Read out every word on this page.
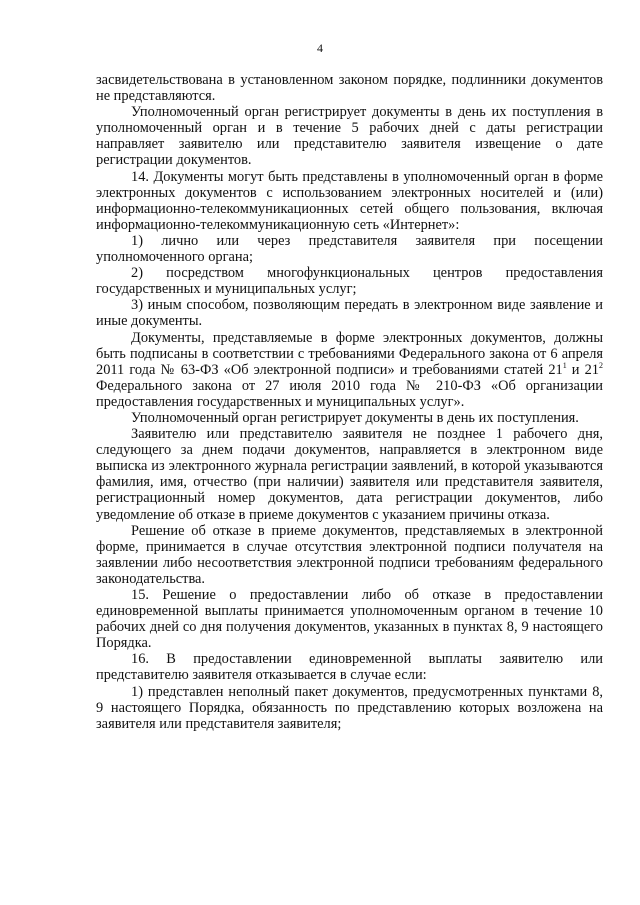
4

засвидетельствована в установленном законом порядке, подлинники документов не представляются.

Уполномоченный орган регистрирует документы в день их поступления в уполномоченный орган и в течение 5 рабочих дней с даты регистрации направляет заявителю или представителю заявителя извещение о дате регистрации документов.

14. Документы могут быть представлены в уполномоченный орган в форме электронных документов с использованием электронных носителей и (или) информационно-телекоммуникационных сетей общего пользования, включая информационно-телекоммуникационную сеть «Интернет»:

1) лично или через представителя заявителя при посещении уполномоченного органа;

2) посредством многофункциональных центров предоставления государственных и муниципальных услуг;

3) иным способом, позволяющим передать в электронном виде заявление и иные документы.

Документы, представляемые в форме электронных документов, должны быть подписаны в соответствии с требованиями Федерального закона от 6 апреля 2011 года № 63-ФЗ «Об электронной подписи» и требованиями статей $21^1$ и $21^2$ Федерального закона от 27 июля 2010 года № 210-ФЗ «Об организации предоставления государственных и муниципальных услуг».

Уполномоченный орган регистрирует документы в день их поступления.

Заявителю или представителю заявителя не позднее 1 рабочего дня, следующего за днем подачи документов, направляется в электронном виде выписка из электронного журнала регистрации заявлений, в которой указываются фамилия, имя, отчество (при наличии) заявителя или представителя заявителя, регистрационный номер документов, дата регистрации документов, либо уведомление об отказе в приеме документов с указанием причины отказа.

Решение об отказе в приеме документов, представляемых в электронной форме, принимается в случае отсутствия электронной подписи получателя на заявлении либо несоответствия электронной подписи требованиям федерального законодательства.

15. Решение о предоставлении либо об отказе в предоставлении единовременной выплаты принимается уполномоченным органом в течение 10 рабочих дней со дня получения документов, указанных в пунктах 8, 9 настоящего Порядка.

16. В предоставлении единовременной выплаты заявителю или представителю заявителя отказывается в случае если:

1) представлен неполный пакет документов, предусмотренных пунктами 8, 9 настоящего Порядка, обязанность по представлению которых возложена на заявителя или представителя заявителя;
